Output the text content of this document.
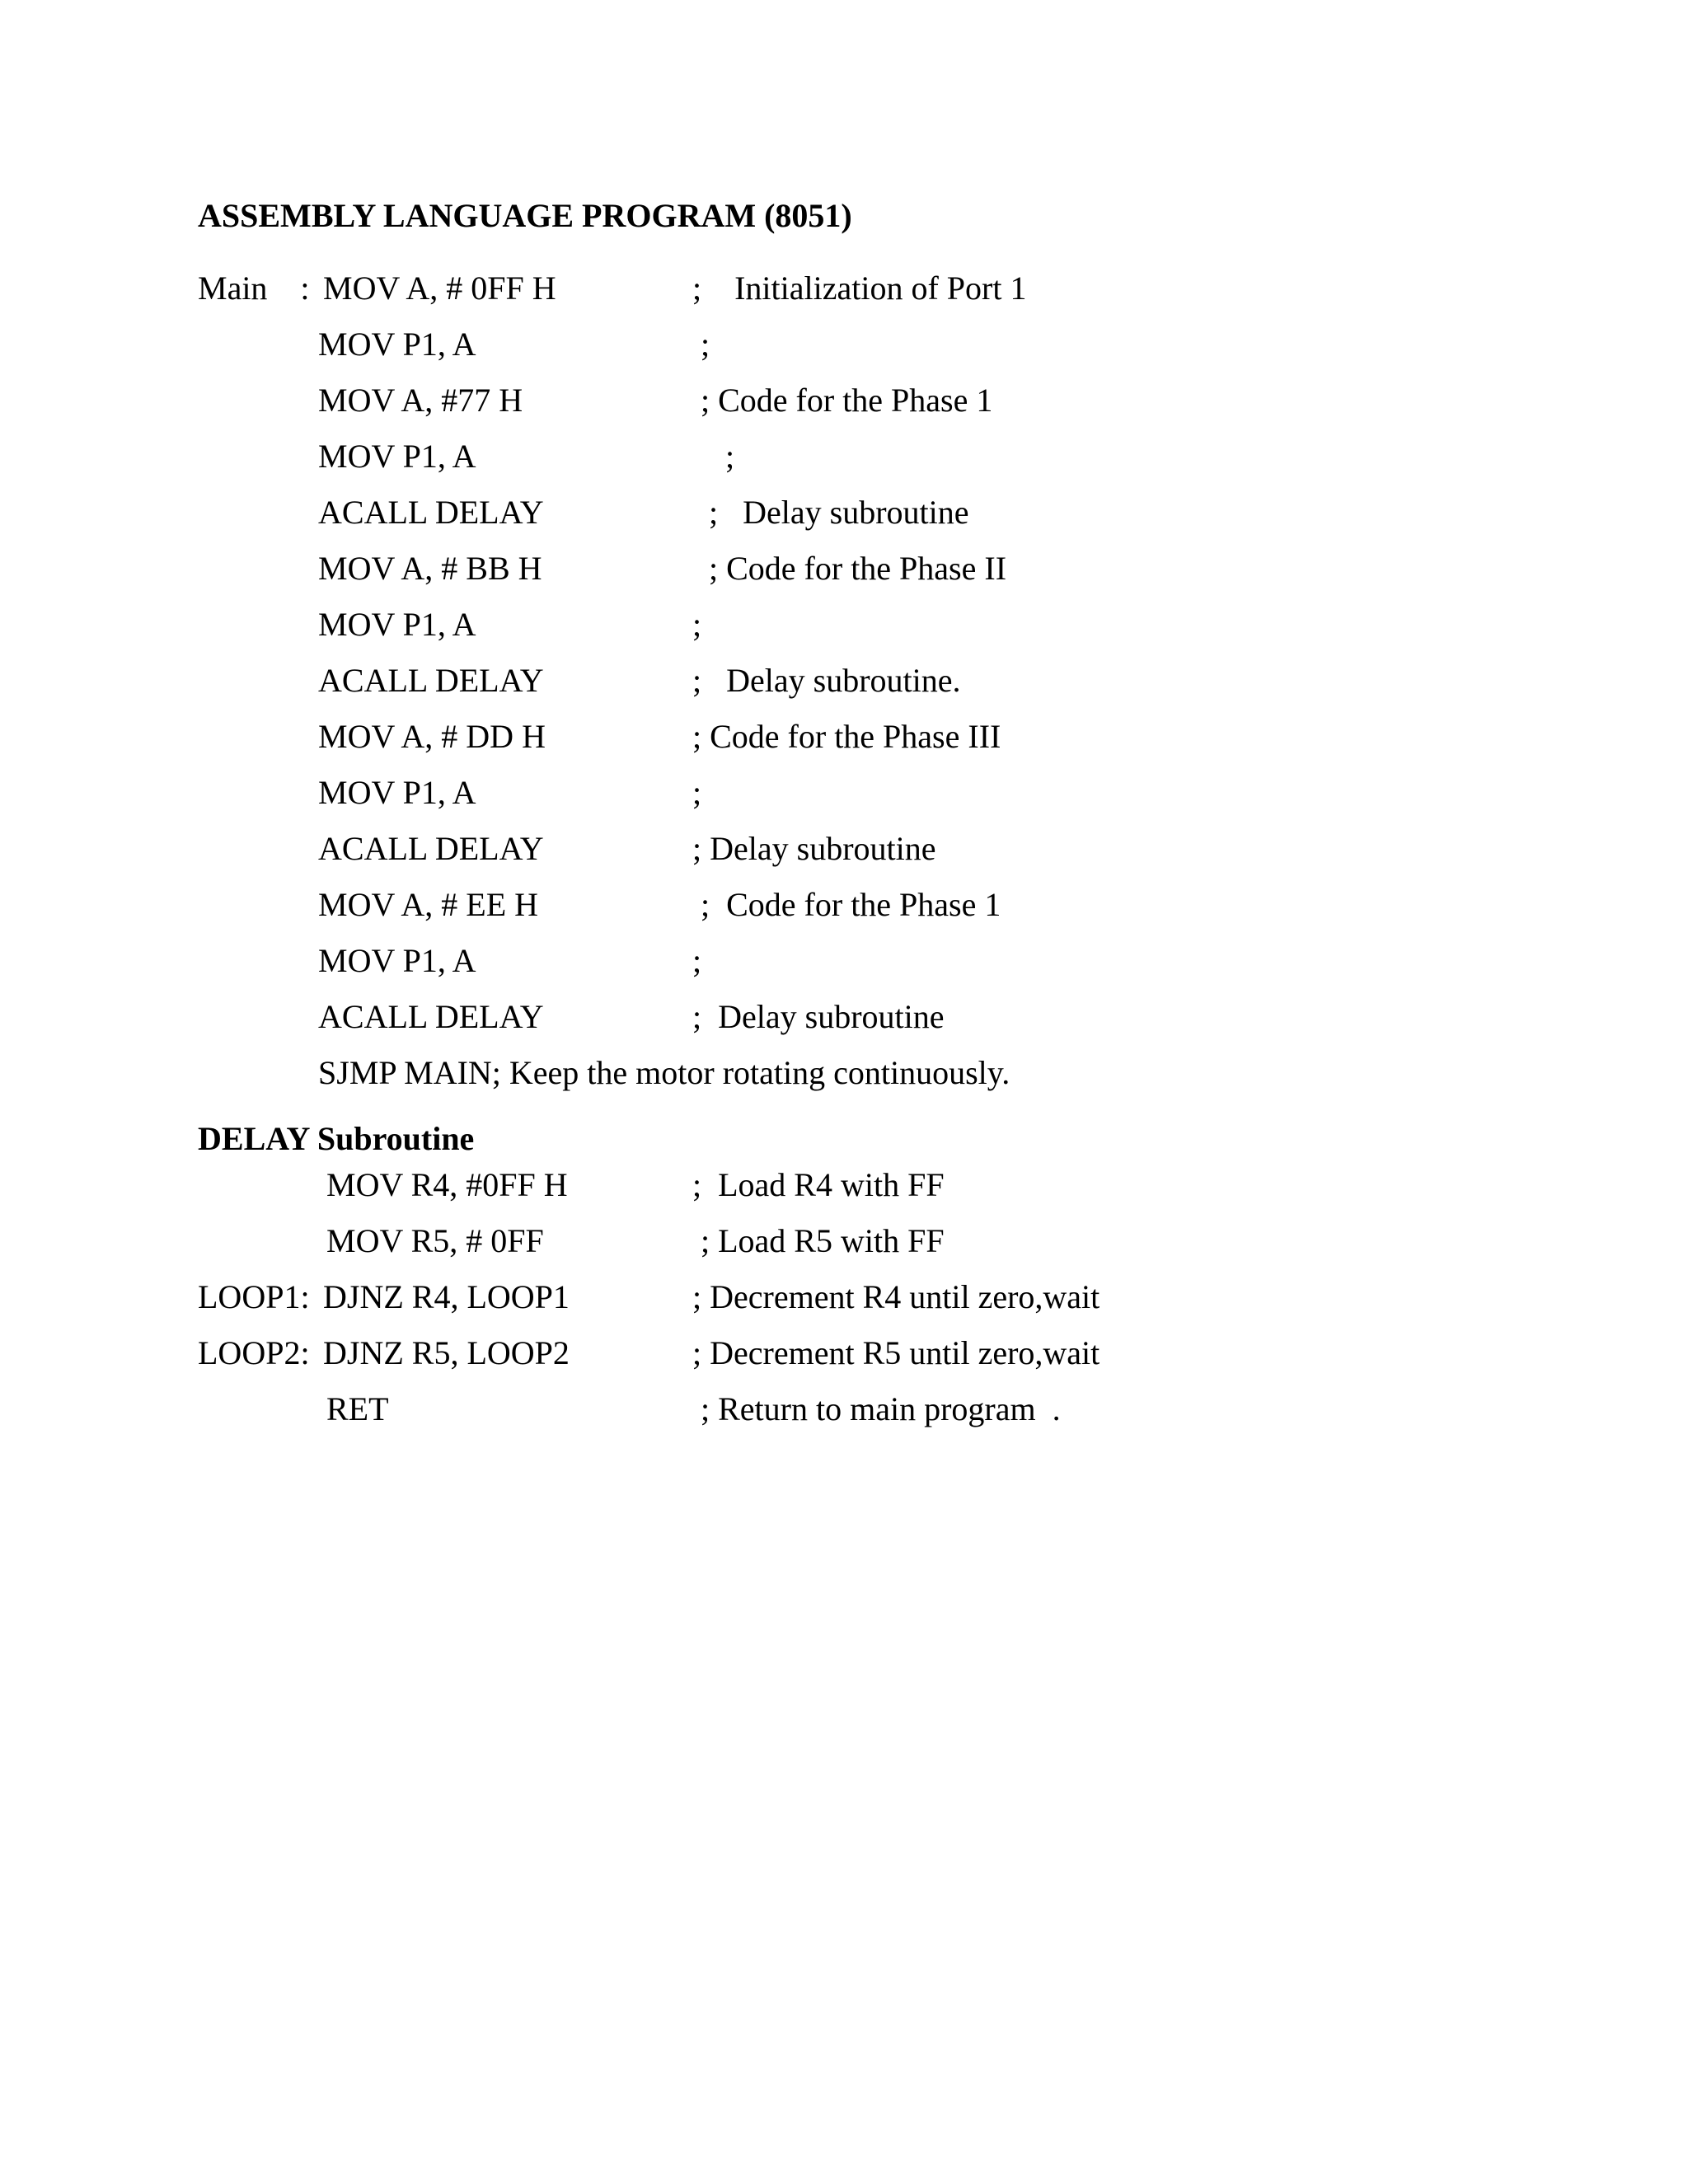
ASSEMBLY LANGUAGE PROGRAM (8051)
Main    : MOV A, # 0FF H	;    Initialization of Port 1
MOV P1, A	;
MOV A, #77 H	; Code for the Phase 1
MOV P1, A	;
ACALL DELAY	;   Delay subroutine
MOV A, # BB H	; Code for the Phase II
MOV P1, A	;
ACALL DELAY	;   Delay subroutine.
MOV A, # DD H	; Code for the Phase III
MOV P1, A	;
ACALL DELAY	; Delay subroutine
MOV A, # EE H	;  Code for the Phase 1
MOV P1, A	;
ACALL DELAY	;  Delay subroutine
SJMP MAIN; Keep the motor rotating continuously.
DELAY Subroutine
MOV R4, #0FF H	;  Load R4 with FF
MOV R5, # 0FF	; Load R5 with FF
LOOP1: DJNZ R4, LOOP1	; Decrement R4 until zero,wait
LOOP2: DJNZ R5, LOOP2	; Decrement R5 until zero,wait
RET	; Return to main program  .
